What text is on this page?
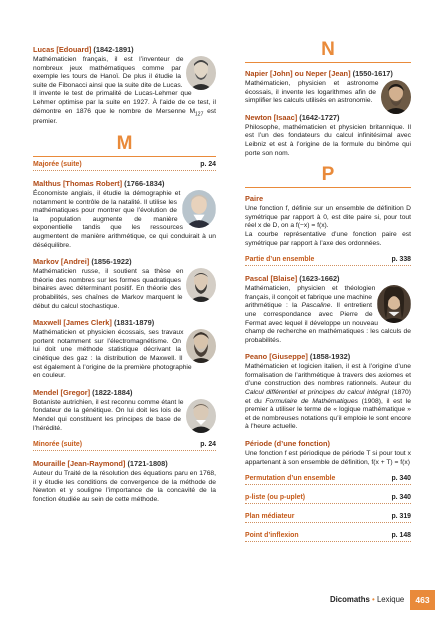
Lucas [Edouard] (1842-1891)
Mathématicien français, il est l’inventeur de nombreux jeux mathématiques comme par exemple les tours de Hanoï. De plus il étudie la suite de Fibonacci ainsi que la suite dite de Lucas. Il invente le test de primalité de Lucas-Lehmer que Lehmer optimise par la suite en 1927. À l’aide de ce test, il démontre en 1876 que le nombre de Mersenne $M_{127}$ est premier.
M
Majorée (suite)	p. 24
Malthus [Thomas Robert] (1766-1834)
Économiste anglais, il étudie la démographie et notamment le contrôle de la natalité. Il utilise les mathématiques pour montrer que l’évolution de la population augmente de manière exponentielle tandis que les ressources augmentent de manière arithmétique, ce qui conduirait à un déséquilibre.
Markov [Andrei] (1856-1922)
Mathématicien russe, il soutient sa thèse en théorie des nombres sur les formes quadratiques binaires avec déterminant positif. En théorie des probabilités, ses chaînes de Markov marquent le début du calcul stochastique.
Maxwell [James Clerk] (1831-1879)
Mathématicien et physicien écossais, ses travaux portent notamment sur l’électromagnétisme. On lui doit une méthode statistique décrivant la cinétique des gaz : la distribution de Maxwell. Il est également à l’origine de la première photographie en couleur.
Mendel [Gregor] (1822-1884)
Botaniste autrichien, il est reconnu comme étant le fondateur de la génétique. On lui doit les lois de Mendel qui constituent les principes de base de l’hérédité.
Minorée (suite)	p. 24
Mouraille [Jean-Raymond] (1721-1808)
Auteur du Traité de la résolution des équations paru en 1768, il y étudie les conditions de convergence de la méthode de Newton et y souligne l’importance de la concavité de la fonction étudiée au sein de cette méthode.
N
Napier [John] ou Neper [Jean] (1550-1617)
Mathématicien, physicien et astronome écossais, il invente les logarithmes afin de simplifier les calculs utilisés en astronomie.
Newton [Isaac] (1642-1727)
Philosophe, mathématicien et physicien britannique. Il est l’un des fondateurs du calcul infinitésimal avec Leibniz et est à l’origine de la formule du binôme qui porte son nom.
P
Paire
Une fonction f, définie sur un ensemble de définition D symétrique par rapport à 0, est dite paire si, pour tout réel x de D, on a f(−x) = f(x).
La courbe représentative d’une fonction paire est symétrique par rapport à l’axe des ordonnées.
Partie d’un ensemble	p. 338
Pascal [Blaise] (1623-1662)
Mathématicien, physicien et théologien français, il conçoit et fabrique une machine arithmétique : la Pascaline. Il entretient une correspondance avec Pierre de Fermat avec lequel il développe un nouveau champ de recherche en mathématiques : les calculs de probabilités.
Peano [Giuseppe] (1858-1932)
Mathématicien et logicien italien, il est à l’origine d’une formalisation de l’arithmétique à travers des axiomes et d’une construction des nombres rationnels. Auteur du Calcul différentiel et principes du calcul intégral (1870) et du Formulaire de Mathématiques (1908), il est le premier à utiliser le terme de « logique mathématique » et de nombreuses notations qu’il emploie le sont encore à l’heure actuelle.
Période (d’une fonction)
Une fonction f est périodique de période T si pour tout x appartenant à son ensemble de définition, f(x + T) = f(x)
Permutation d’un ensemble	p. 340
p-liste (ou p-uplet)	p. 340
Plan médiateur	p. 319
Point d’inflexion	p. 148
Dicomaths • Lexique	463
